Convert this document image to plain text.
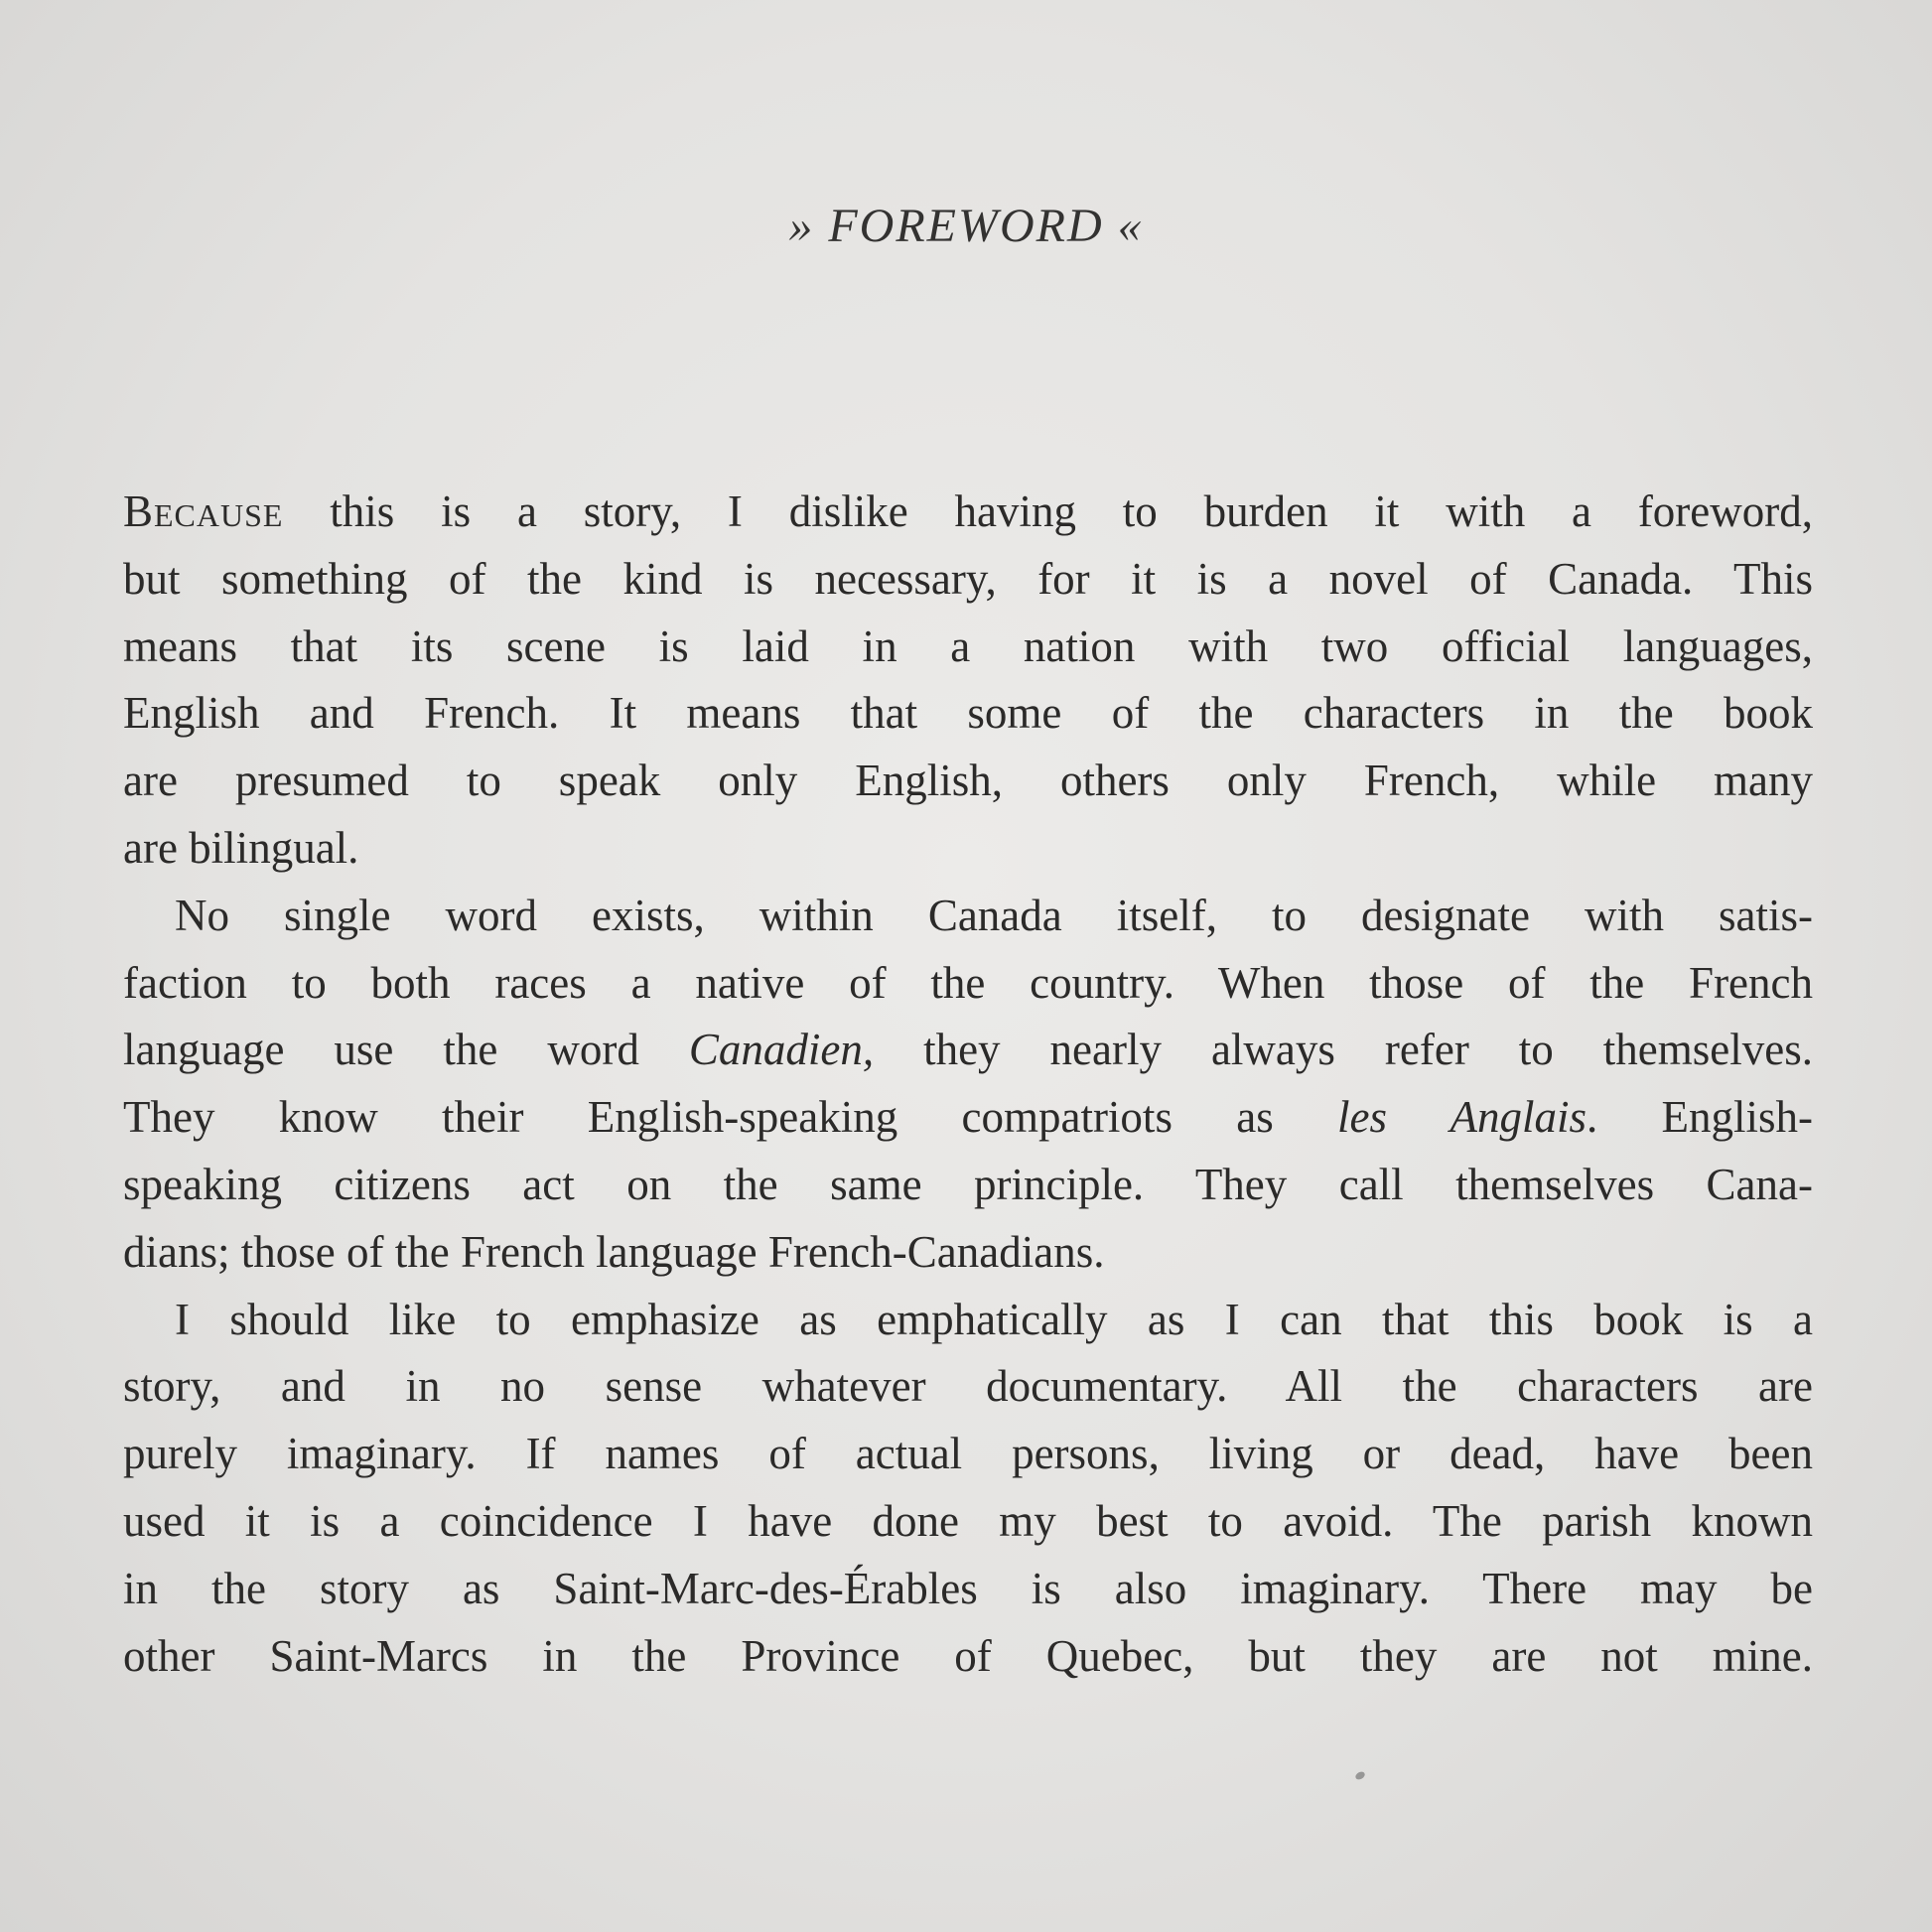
» FOREWORD «
Because this is a story, I dislike having to burden it with a foreword,
but something of the kind is necessary, for it is a novel of Canada. This
means that its scene is laid in a nation with two official languages,
English and French. It means that some of the characters in the book
are presumed to speak only English, others only French, while many
are bilingual.
No single word exists, within Canada itself, to designate with satis-
faction to both races a native of the country. When those of the French
language use the word Canadien, they nearly always refer to themselves.
They know their English-speaking compatriots as les Anglais. English-
speaking citizens act on the same principle. They call themselves Cana-
dians; those of the French language French-Canadians.
I should like to emphasize as emphatically as I can that this book is a
story, and in no sense whatever documentary. All the characters are
purely imaginary. If names of actual persons, living or dead, have been
used it is a coincidence I have done my best to avoid. The parish known
in the story as Saint-Marc-des-Érables is also imaginary. There may be
other Saint-Marcs in the Province of Quebec, but they are not mine.
